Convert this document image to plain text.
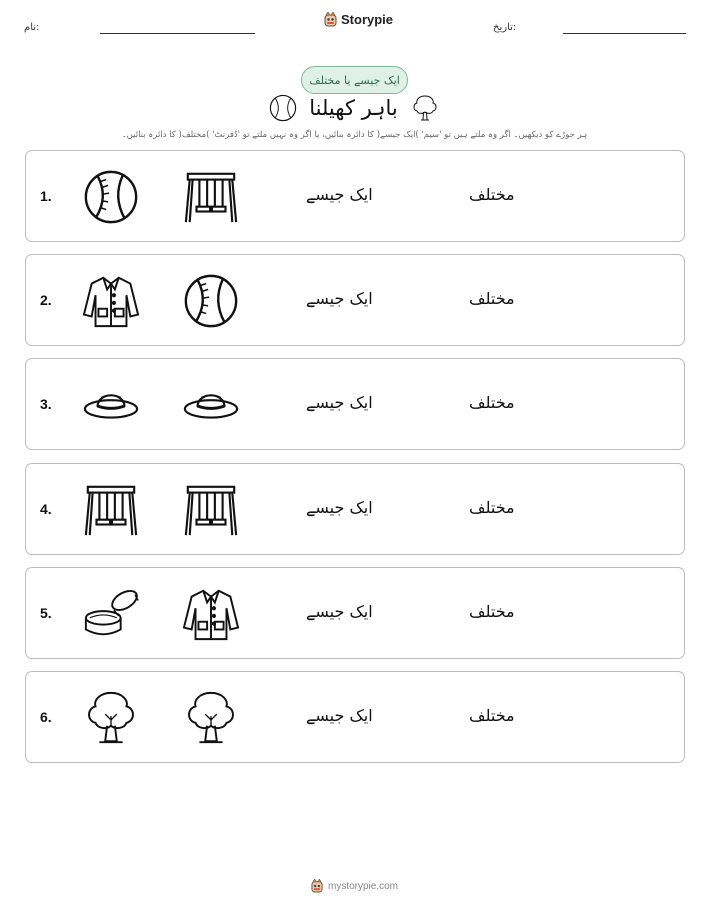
نام:
Storypie
تاریخ:
ایک جیسے یا مختلف
باہر کھیلنا
ہر جوڑے کو دیکھیں۔ اگر وہ ملتے ہیں تو 'سیم' )ایک جیسے( کا دائرہ بنائیں، یا اگر وہ نہیں ملتے تو 'ڈفرنٹ' )مختلف( کا دائرہ بنائیں۔
1.	ایک جیسے	مختلف
2.	ایک جیسے	مختلف
3.	ایک جیسے	مختلف
4.	ایک جیسے	مختلف
5.	ایک جیسے	مختلف
6.	ایک جیسے	مختلف
mystorypie.com
